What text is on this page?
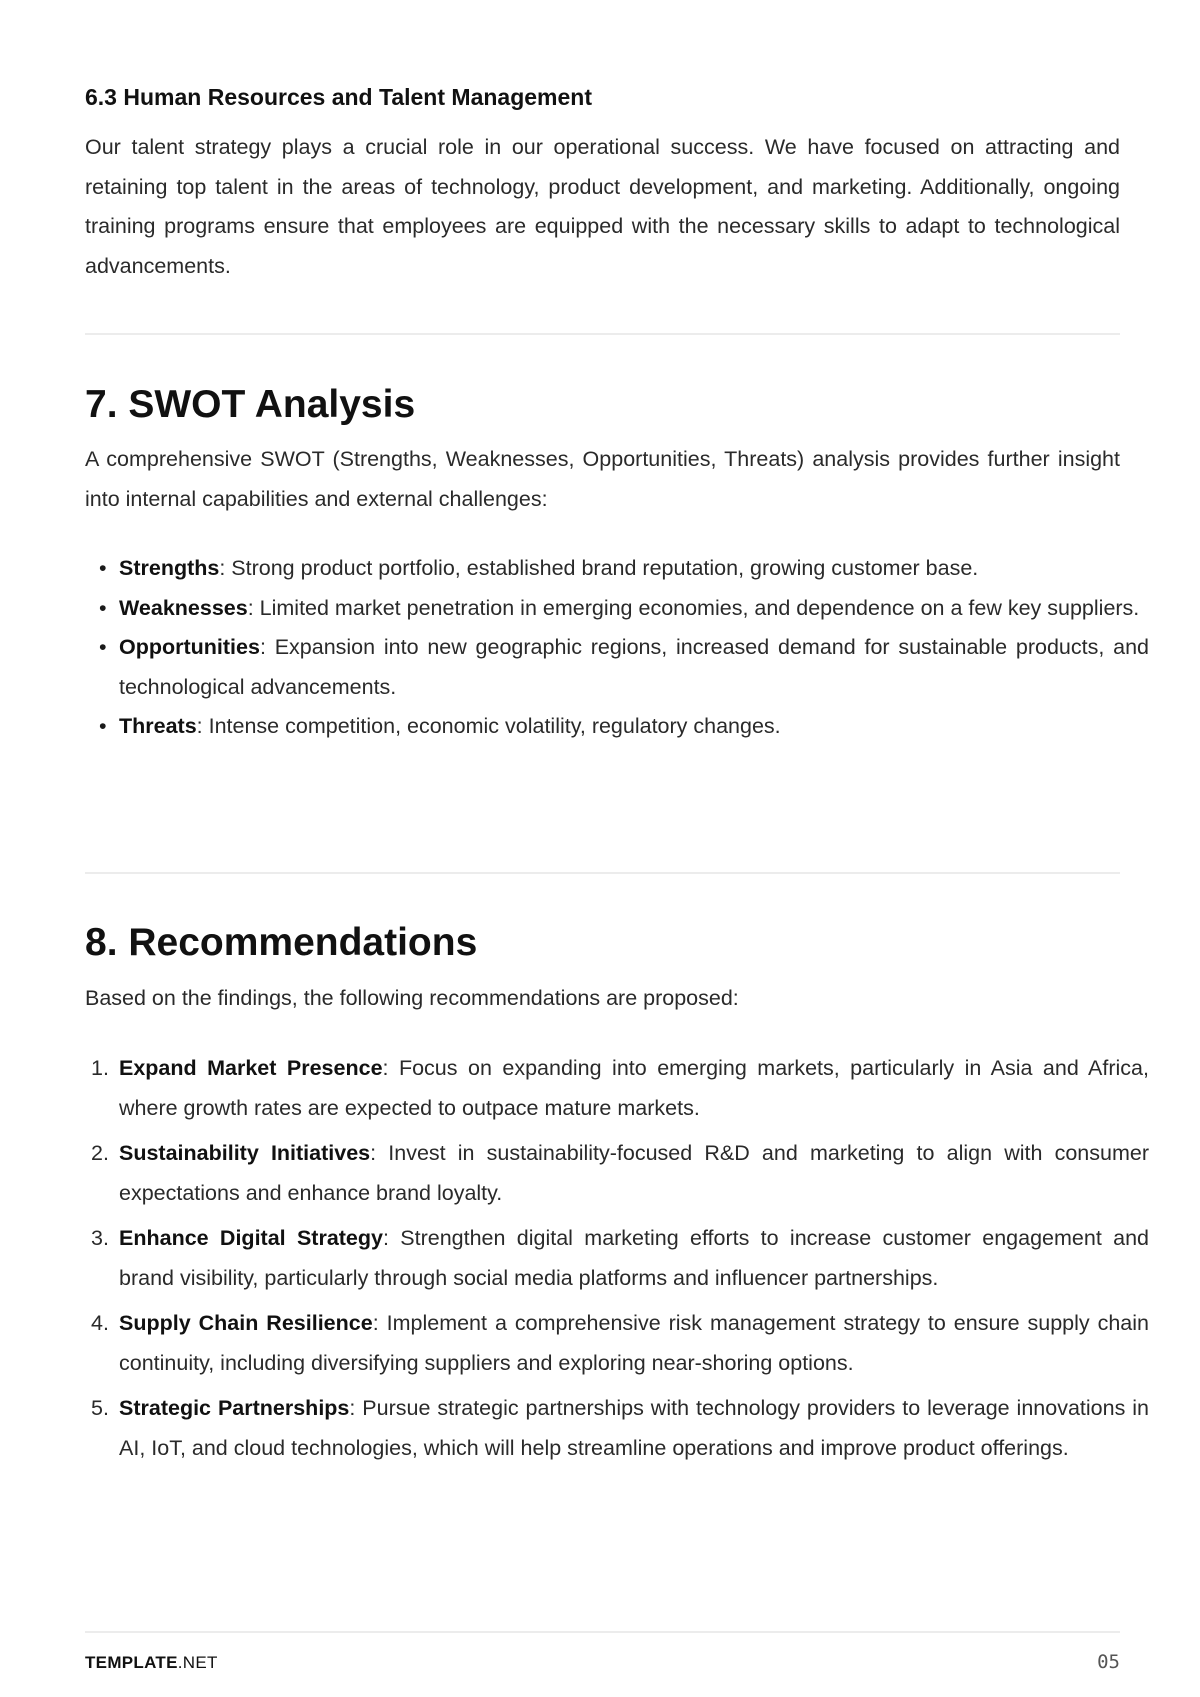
6.3 Human Resources and Talent Management

Our talent strategy plays a crucial role in our operational success. We have focused on attracting and retaining top talent in the areas of technology, product development, and marketing. Additionally, ongoing training programs ensure that employees are equipped with the necessary skills to adapt to technological advancements.

7. SWOT Analysis

A comprehensive SWOT (Strengths, Weaknesses, Opportunities, Threats) analysis provides further insight into internal capabilities and external challenges:

• Strengths: Strong product portfolio, established brand reputation, growing customer base.
• Weaknesses: Limited market penetration in emerging economies, and dependence on a few key suppliers.
• Opportunities: Expansion into new geographic regions, increased demand for sustainable products, and technological advancements.
• Threats: Intense competition, economic volatility, regulatory changes.
8. Recommendations

Based on the findings, the following recommendations are proposed:

1. Expand Market Presence: Focus on expanding into emerging markets, particularly in Asia and Africa, where growth rates are expected to outpace mature markets.
2. Sustainability Initiatives: Invest in sustainability-focused R&D and marketing to align with consumer expectations and enhance brand loyalty.
3. Enhance Digital Strategy: Strengthen digital marketing efforts to increase customer engagement and brand visibility, particularly through social media platforms and influencer partnerships.
4. Supply Chain Resilience: Implement a comprehensive risk management strategy to ensure supply chain continuity, including diversifying suppliers and exploring near-shoring options.
5. Strategic Partnerships: Pursue strategic partnerships with technology providers to leverage innovations in AI, IoT, and cloud technologies, which will help streamline operations and improve product offerings.
TEMPLATE.NET	05
